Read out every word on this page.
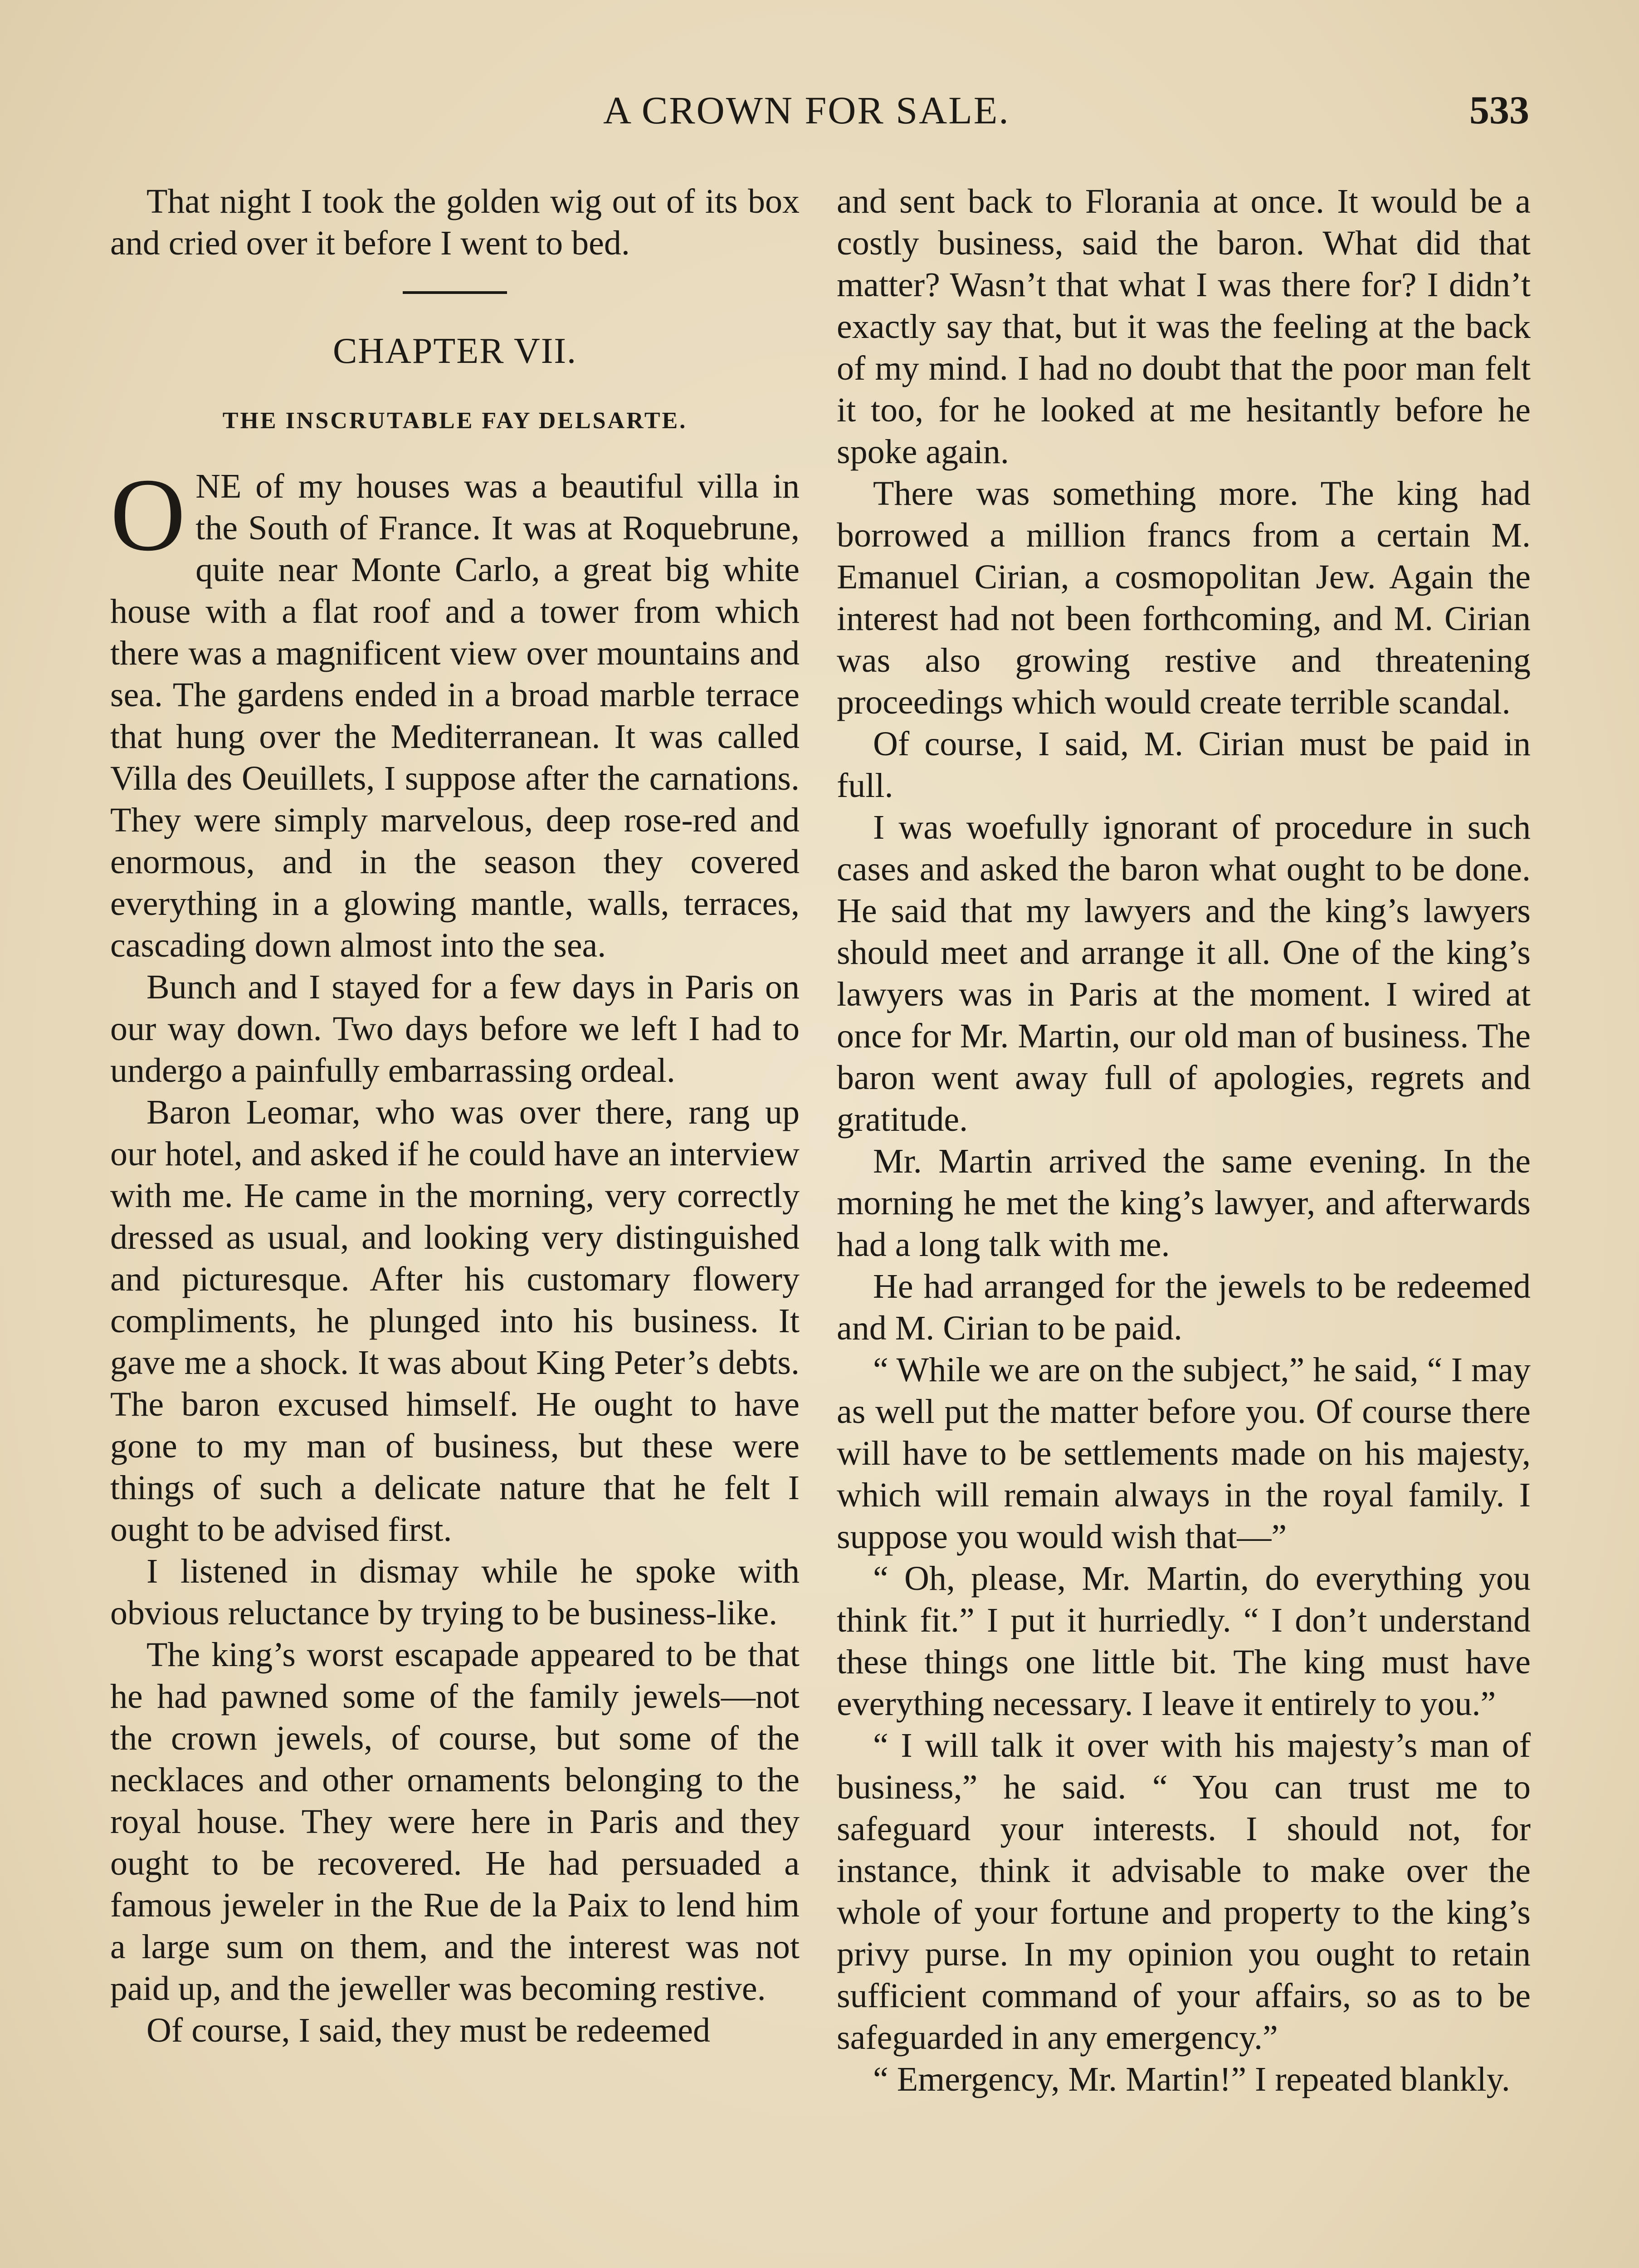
A CROWN FOR SALE.	533

That night I took the golden wig out of its box and cried over it before I went to bed.

CHAPTER VII.
THE INSCRUTABLE FAY DELSARTE.

ONE of my houses was a beautiful villa in the South of France. It was at Roquebrune, quite near Monte Carlo, a great big white house with a flat roof and a tower from which there was a magnificent view over mountains and sea. The gardens ended in a broad marble terrace that hung over the Mediterranean. It was called Villa des Oeuillets, I suppose after the carnations. They were simply marvelous, deep rose-red and enormous, and in the season they covered everything in a glowing mantle, walls, terraces, cascading down almost into the sea.

Bunch and I stayed for a few days in Paris on our way down. Two days before we left I had to undergo a painfully embarrassing ordeal.

Baron Leomar, who was over there, rang up our hotel, and asked if he could have an interview with me. He came in the morning, very correctly dressed as usual, and looking very distinguished and picturesque. After his customary flowery compliments, he plunged into his business. It gave me a shock. It was about King Peter’s debts. The baron excused himself. He ought to have gone to my man of business, but these were things of such a delicate nature that he felt I ought to be advised first.

I listened in dismay while he spoke with obvious reluctance by trying to be business-like.

The king’s worst escapade appeared to be that he had pawned some of the family jewels—not the crown jewels, of course, but some of the necklaces and other ornaments belonging to the royal house. They were here in Paris and they ought to be recovered. He had persuaded a famous jeweler in the Rue de la Paix to lend him a large sum on them, and the interest was not paid up, and the jeweller was becoming restive.

Of course, I said, they must be redeemed

and sent back to Florania at once. It would be a costly business, said the baron. What did that matter? Wasn’t that what I was there for? I didn’t exactly say that, but it was the feeling at the back of my mind. I had no doubt that the poor man felt it too, for he looked at me hesitantly before he spoke again.

There was something more. The king had borrowed a million francs from a certain M. Emanuel Cirian, a cosmopolitan Jew. Again the interest had not been forthcoming, and M. Cirian was also growing restive and threatening proceedings which would create terrible scandal.

Of course, I said, M. Cirian must be paid in full.

I was woefully ignorant of procedure in such cases and asked the baron what ought to be done. He said that my lawyers and the king’s lawyers should meet and arrange it all. One of the king’s lawyers was in Paris at the moment. I wired at once for Mr. Martin, our old man of business. The baron went away full of apologies, regrets and gratitude.

Mr. Martin arrived the same evening. In the morning he met the king’s lawyer, and afterwards had a long talk with me.

He had arranged for the jewels to be redeemed and M. Cirian to be paid.

“ While we are on the subject,” he said, “ I may as well put the matter before you. Of course there will have to be settlements made on his majesty, which will remain always in the royal family. I suppose you would wish that—”

“ Oh, please, Mr. Martin, do everything you think fit.” I put it hurriedly. “ I don’t understand these things one little bit. The king must have everything necessary. I leave it entirely to you.”

“ I will talk it over with his majesty’s man of business,” he said. “ You can trust me to safeguard your interests. I should not, for instance, think it advisable to make over the whole of your fortune and property to the king’s privy purse. In my opinion you ought to retain sufficient command of your affairs, so as to be safeguarded in any emergency.”

“ Emergency, Mr. Martin!” I repeated blankly.
